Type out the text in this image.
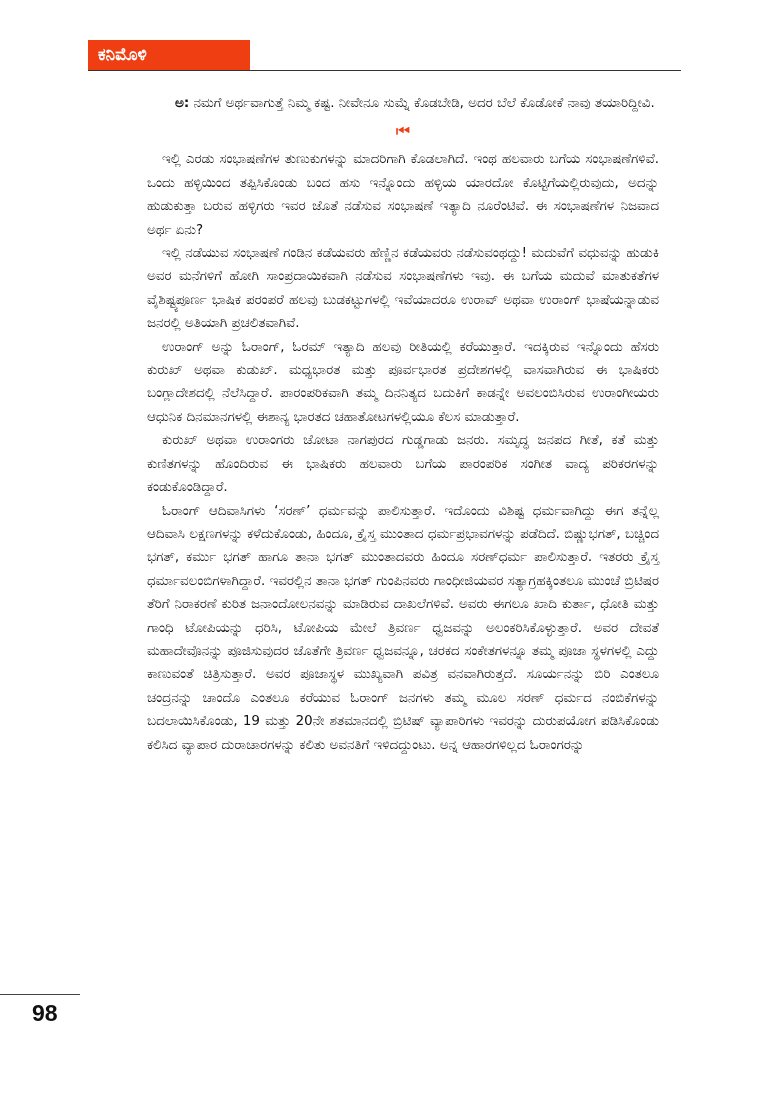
ಕನಿಮೊಳಿ

ಅ: ನಮಗೆ ಅರ್ಥವಾಗುತ್ತೆ ನಿಮ್ಮ ಕಷ್ಟ. ನೀವೇನೂ ಸುಮ್ನೆ ಕೊಡಬೇಡಿ, ಅದರ ಬೆಲೆ ಕೊಡೋಕೆ ನಾವು ತಯಾರಿದ್ದೀವಿ.

⏮

ಇಲ್ಲಿ ಎರಡು ಸಂಭಾಷಣೆಗಳ ತುಣುಕುಗಳನ್ನು ಮಾದರಿಗಾಗಿ ಕೊಡಲಾಗಿದೆ. ಇಂಥ ಹಲವಾರು ಬಗೆಯ ಸಂಭಾಷಣೆಗಳಿವೆ. ಒಂದು ಹಳ್ಳಿಯಿಂದ ತಪ್ಪಿಸಿಕೊಂಡು ಬಂದ ಹಸು ಇನ್ನೊಂದು ಹಳ್ಳಿಯ ಯಾರದೋ ಕೊಟ್ಟಿಗೆಯಲ್ಲಿರುವುದು, ಅದನ್ನು ಹುಡುಕುತ್ತಾ ಬರುವ ಹಳ್ಳಿಗರು ಇವರ ಜೊತೆ ನಡೆಸುವ ಸಂಭಾಷಣೆ ಇತ್ಯಾದಿ ನೂರೆಂಟಿವೆ. ಈ ಸಂಭಾಷಣೆಗಳ ನಿಜವಾದ ಅರ್ಥ ಏನು?

ಇಲ್ಲಿ ನಡೆಯುವ ಸಂಭಾಷಣೆ ಗಂಡಿನ ಕಡೆಯವರು ಹೆಣ್ಣಿನ ಕಡೆಯವರು ನಡೆಸುವಂಥದ್ದು! ಮದುವೆಗೆ ವಧುವನ್ನು ಹುಡುಕಿ ಅವರ ಮನೆಗಳಿಗೆ ಹೋಗಿ ಸಾಂಪ್ರದಾಯಿಕವಾಗಿ ನಡೆಸುವ ಸಂಭಾಷಣೆಗಳು ಇವು. ಈ ಬಗೆಯ ಮದುವೆ ಮಾತುಕತೆಗಳ ವೈಶಿಷ್ಟ್ಯಪೂರ್ಣ ಭಾಷಿಕ ಪರಂಪರೆ ಹಲವು ಬುಡಕಟ್ಟುಗಳಲ್ಲಿ ಇವೆಯಾದರೂ ಉರಾವ್ ಅಥವಾ ಉರಾಂಗ್ ಭಾಷೆಯನ್ನಾಡುವ ಜನರಲ್ಲಿ ಅತಿಯಾಗಿ ಪ್ರಚಲಿತವಾಗಿವೆ.

ಉರಾಂಗ್ ಅನ್ನು ಓರಾಂಗ್, ಓರಮ್ ಇತ್ಯಾದಿ ಹಲವು ರೀತಿಯಲ್ಲಿ ಕರೆಯುತ್ತಾರೆ. ಇದಕ್ಕಿರುವ ಇನ್ನೊಂದು ಹೆಸರು ಕುರುಖ್ ಅಥವಾ ಕುಡುಖ್. ಮಧ್ಯಭಾರತ ಮತ್ತು ಪೂರ್ವಭಾರತ ಪ್ರದೇಶಗಳಲ್ಲಿ ವಾಸವಾಗಿರುವ ಈ ಭಾಷಿಕರು ಬಂಗ್ಲಾದೇಶದಲ್ಲಿ ನೆಲೆಸಿದ್ದಾರೆ. ಪಾರಂಪರಿಕವಾಗಿ ತಮ್ಮ ದಿನನಿತ್ಯದ ಬದುಕಿಗೆ ಕಾಡನ್ನೇ ಅವಲಂಬಿಸಿರುವ ಉರಾಂಗೀಯರು ಆಧುನಿಕ ದಿನಮಾನಗಳಲ್ಲಿ ಈಶಾನ್ಯ ಭಾರತದ ಚಹಾತೋಟಗಳಲ್ಲಿಯೂ ಕೆಲಸ ಮಾಡುತ್ತಾರೆ.

ಕುರುಖ್ ಅಥವಾ ಉರಾಂಗರು ಚೋಟಾ ನಾಗಪುರದ ಗುಡ್ಡಗಾಡು ಜನರು. ಸಮೃದ್ಧ ಜನಪದ ಗೀತೆ, ಕತೆ ಮತ್ತು ಕುಣಿತಗಳನ್ನು ಹೊಂದಿರುವ ಈ ಭಾಷಿಕರು ಹಲವಾರು ಬಗೆಯ ಪಾರಂಪರಿಕ ಸಂಗೀತ ವಾದ್ಯ ಪರಿಕರಗಳನ್ನು ಕಂಡುಕೊಂಡಿದ್ದಾರೆ.

ಓರಾಂಗ್ ಆದಿವಾಸಿಗಳು ‘ಸರಣ್’ ಧರ್ಮವನ್ನು ಪಾಲಿಸುತ್ತಾರೆ. ಇದೊಂದು ವಿಶಿಷ್ಟ ಧರ್ಮವಾಗಿದ್ದು ಈಗ ತನ್ನೆಲ್ಲ ಆದಿವಾಸಿ ಲಕ್ಷಣಗಳನ್ನು ಕಳೆದುಕೊಂಡು, ಹಿಂದೂ, ಕ್ರೈಸ್ತ ಮುಂತಾದ ಧರ್ಮಪ್ರಭಾವಗಳನ್ನು ಪಡೆದಿದೆ. ಬಿಷ್ಣುಭಗತ್, ಬಚ್ಚಿಂದ ಭಗತ್, ಕರ್ಮು ಭಗತ್ ಹಾಗೂ ತಾನಾ ಭಗತ್ ಮುಂತಾದವರು ಹಿಂದೂ ಸರಣ್‌ಧರ್ಮ ಪಾಲಿಸುತ್ತಾರೆ. ಇತರರು ಕ್ರೈಸ್ತ ಧರ್ಮಾವಲಂಬಿಗಳಾಗಿದ್ದಾರೆ. ಇವರಲ್ಲಿನ ತಾನಾ ಭಗತ್ ಗುಂಪಿನವರು ಗಾಂಧೀಜಿಯವರ ಸತ್ಯಾಗ್ರಹಕ್ಕಿಂತಲೂ ಮುಂಚೆ ಬ್ರಿಟಿಷರ ತೆರಿಗೆ ನಿರಾಕರಣೆ ಕುರಿತ ಜನಾಂದೋಲನವನ್ನು ಮಾಡಿರುವ ದಾಖಲೆಗಳಿವೆ. ಅವರು ಈಗಲೂ ಖಾದಿ ಕುರ್ತಾ, ಧೋತಿ ಮತ್ತು ಗಾಂಧಿ ಟೋಪಿಯನ್ನು ಧರಿಸಿ, ಟೋಪಿಯ ಮೇಲೆ ತ್ರಿವರ್ಣ ಧ್ವಜವನ್ನು ಅಲಂಕರಿಸಿಕೊಳ್ಳುತ್ತಾರೆ. ಅವರ ದೇವತೆ ಮಹಾದೇವೊನನ್ನು ಪೂಜಿಸುವುದರ ಜೊತೆಗೇ ತ್ರಿವರ್ಣ ಧ್ವಜವನ್ನೂ, ಚರಕದ ಸಂಕೇತಗಳನ್ನೂ ತಮ್ಮ ಪೂಜಾ ಸ್ಥಳಗಳಲ್ಲಿ ಎದ್ದು ಕಾಣುವಂತೆ ಚಿತ್ರಿಸುತ್ತಾರೆ. ಅವರ ಪೂಜಾಸ್ಥಳ ಮುಖ್ಯವಾಗಿ ಪವಿತ್ರ ವನವಾಗಿರುತ್ತದೆ. ಸೂರ್ಯನನ್ನು ಬಿರಿ ಎಂತಲೂ ಚಂದ್ರನನ್ನು ಚಾಂದೊ ಎಂತಲೂ ಕರೆಯುವ ಓರಾಂಗ್ ಜನಗಳು ತಮ್ಮ ಮೂಲ ಸರಣ್ ಧರ್ಮದ ನಂಬಿಕೆಗಳನ್ನು ಬದಲಾಯಿಸಿಕೊಂಡು, 19 ಮತ್ತು 20ನೇ ಶತಮಾನದಲ್ಲಿ ಬ್ರಿಟಿಷ್ ವ್ಯಾಪಾರಿಗಳು ಇವರನ್ನು ದುರುಪಯೋಗ ಪಡಿಸಿಕೊಂಡು ಕಲಿಸಿದ ವ್ಯಾಪಾರ ದುರಾಚಾರಗಳನ್ನು ಕಲಿತು ಅವನತಿಗೆ ಇಳಿದದ್ದುಂಟು. ಅನ್ನ ಆಹಾರಗಳಿಲ್ಲದ ಓರಾಂಗರನ್ನು

98
